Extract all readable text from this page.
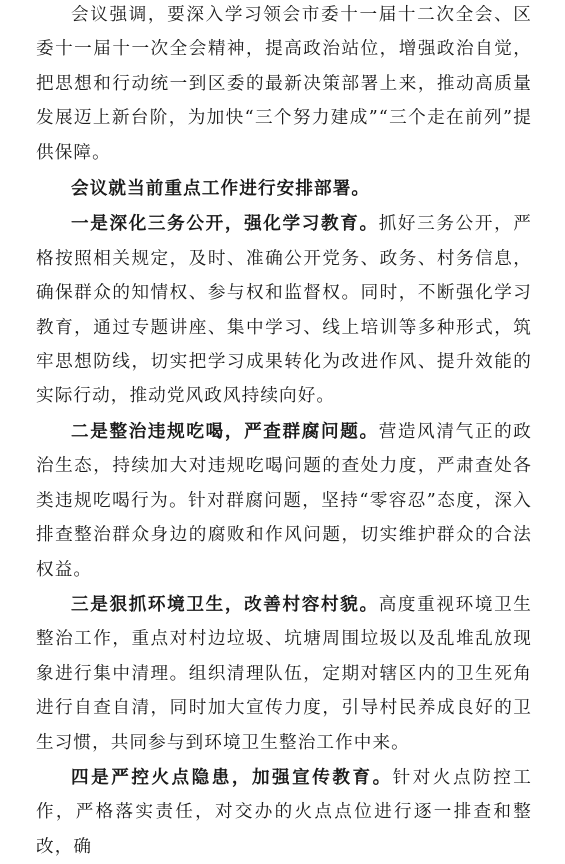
会议强调，要深入学习领会市委十一届十二次全会、区委十一届十一次全会精神，提高政治站位，增强政治自觉，把思想和行动统一到区委的最新决策部署上来，推动高质量发展迈上新台阶，为加快“三个努力建成”“三个走在前列”提供保障。

会议就当前重点工作进行安排部署。

一是深化三务公开，强化学习教育。抓好三务公开，严格按照相关规定，及时、准确公开党务、政务、村务信息，确保群众的知情权、参与权和监督权。同时，不断强化学习教育，通过专题讲座、集中学习、线上培训等多种形式，筑牢思想防线，切实把学习成果转化为改进作风、提升效能的实际行动，推动党风政风持续向好。

二是整治违规吃喝，严查群腐问题。营造风清气正的政治生态，持续加大对违规吃喝问题的查处力度，严肃查处各类违规吃喝行为。针对群腐问题，坚持“零容忍”态度，深入排查整治群众身边的腐败和作风问题，切实维护群众的合法权益。

三是狠抓环境卫生，改善村容村貌。高度重视环境卫生整治工作，重点对村边垃圾、坑塘周围垃圾以及乱堆乱放现象进行集中清理。组织清理队伍，定期对辖区内的卫生死角进行自查自清，同时加大宣传力度，引导村民养成良好的卫生习惯，共同参与到环境卫生整治工作中来。

四是严控火点隐患，加强宣传教育。针对火点防控工作，严格落实责任，对交办的火点点位进行逐一排查和整改，确
